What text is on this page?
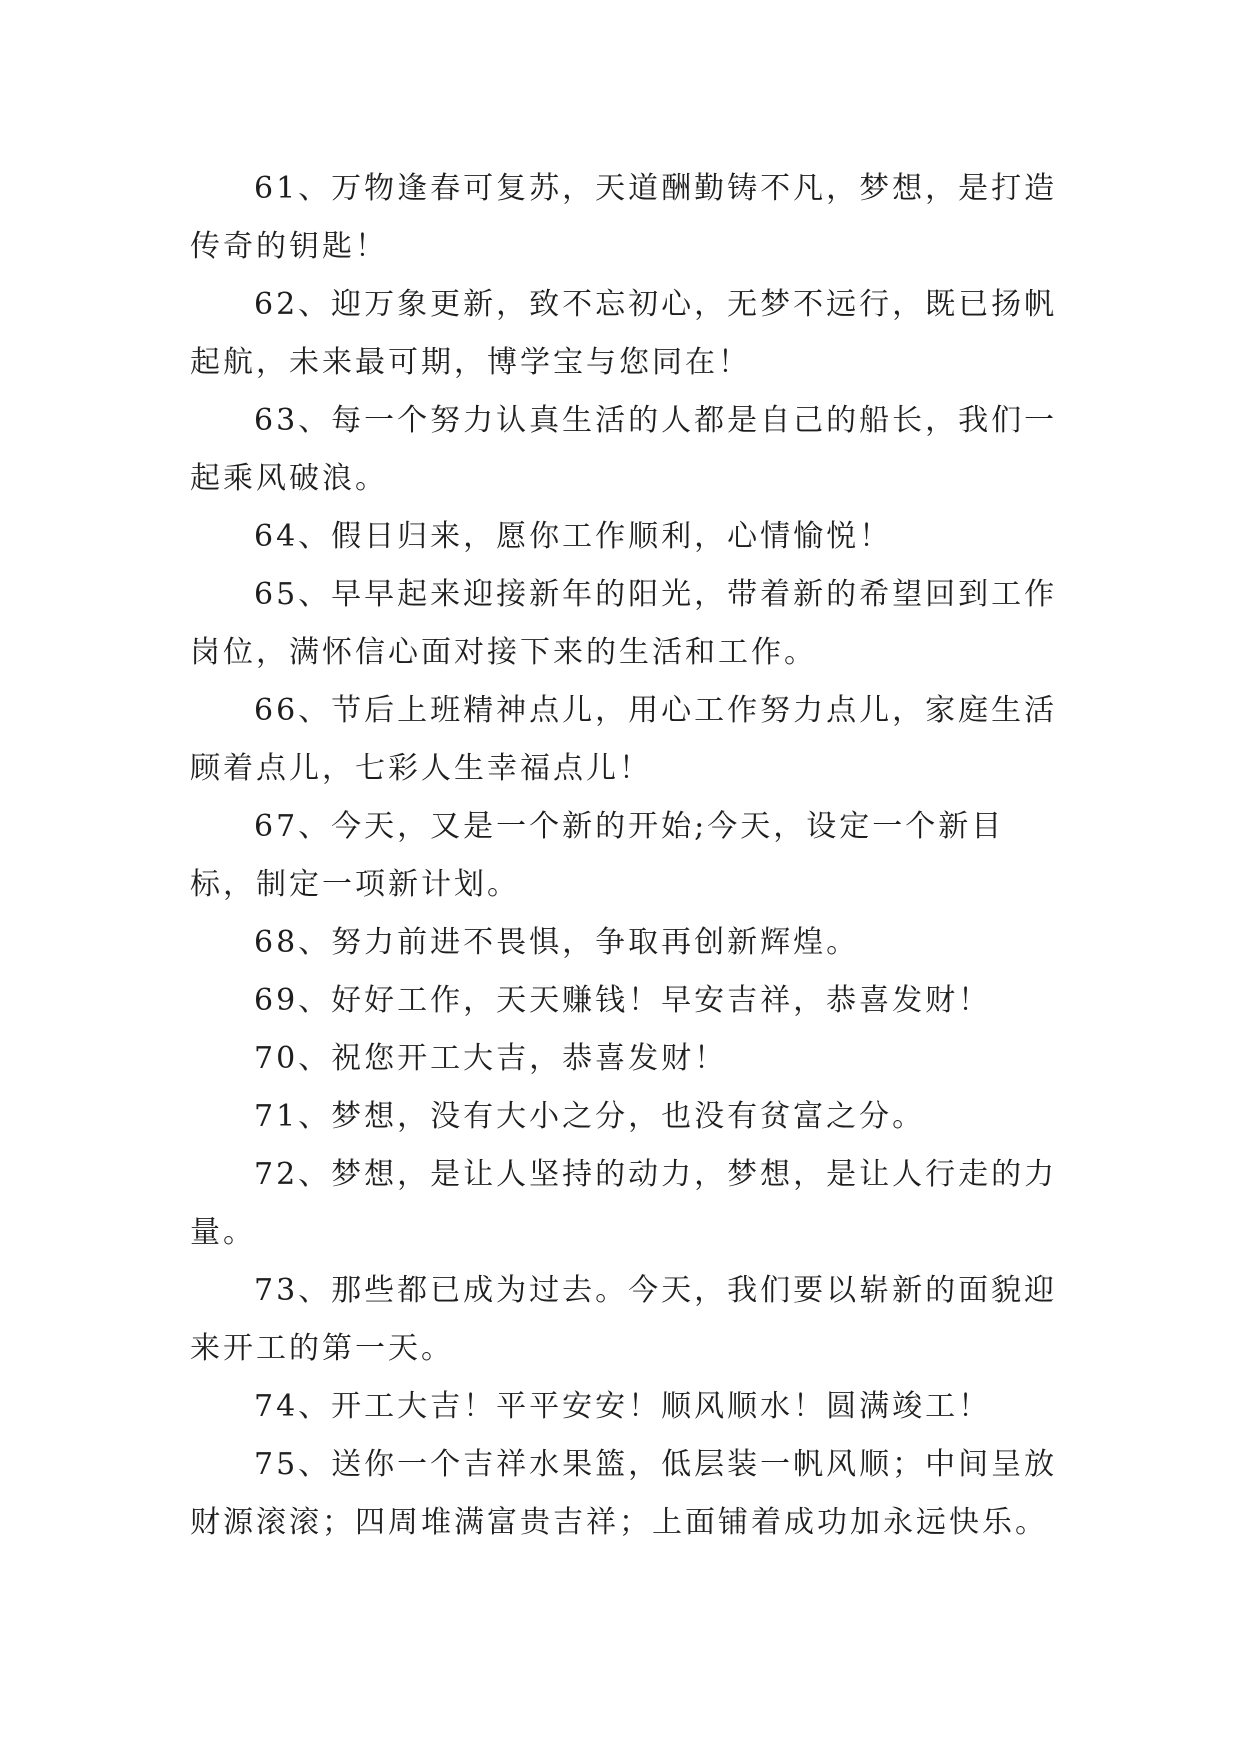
61、万物逢春可复苏，天道酬勤铸不凡，梦想，是打造传奇的钥匙！

62、迎万象更新，致不忘初心，无梦不远行，既已扬帆起航，未来最可期，博学宝与您同在！

63、每一个努力认真生活的人都是自己的船长，我们一起乘风破浪。

64、假日归来，愿你工作顺利，心情愉悦！

65、早早起来迎接新年的阳光，带着新的希望回到工作岗位，满怀信心面对接下来的生活和工作。

66、节后上班精神点儿，用心工作努力点儿，家庭生活顾着点儿，七彩人生幸福点儿！

67、今天，又是一个新的开始;今天，设定一个新目标，制定一项新计划。

68、努力前进不畏惧，争取再创新辉煌。

69、好好工作，天天赚钱！早安吉祥，恭喜发财！

70、祝您开工大吉，恭喜发财！

71、梦想，没有大小之分，也没有贫富之分。

72、梦想，是让人坚持的动力，梦想，是让人行走的力量。

73、那些都已成为过去。今天，我们要以崭新的面貌迎来开工的第一天。

74、开工大吉！平平安安！顺风顺水！圆满竣工！

75、送你一个吉祥水果篮，低层装一帆风顺；中间呈放财源滚滚；四周堆满富贵吉祥；上面铺着成功加永远快乐。
